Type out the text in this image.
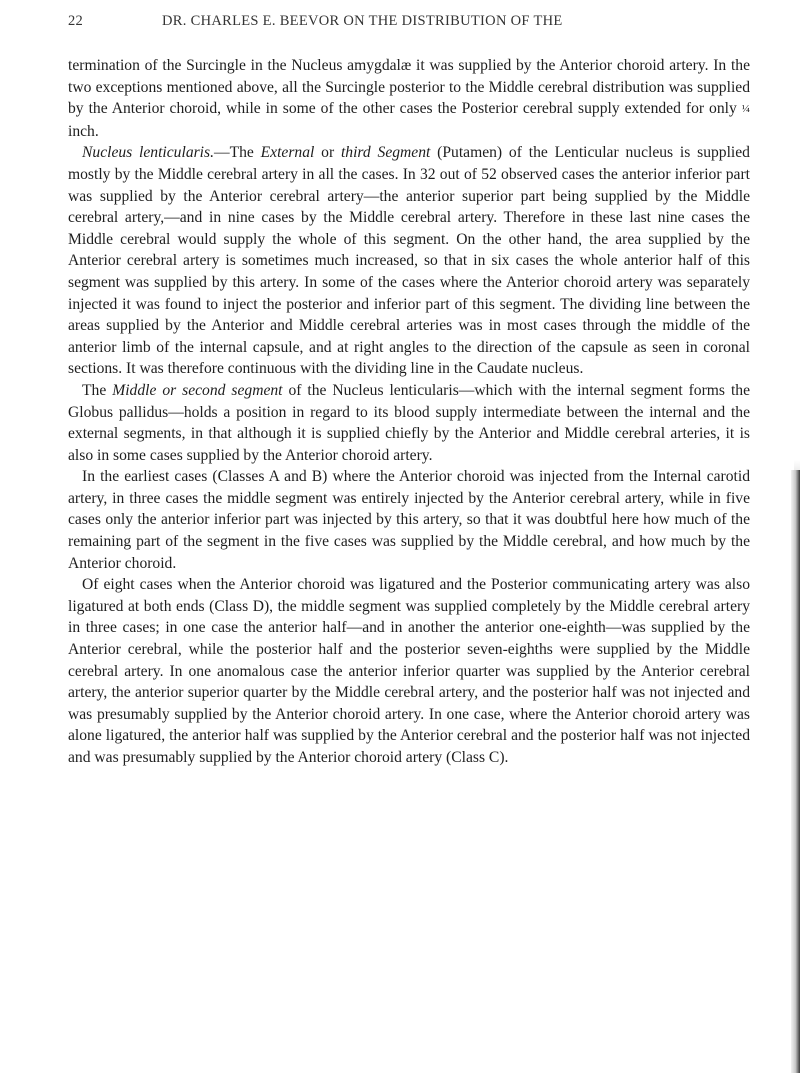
22	DR. CHARLES E. BEEVOR ON THE DISTRIBUTION OF THE

termination of the Surcingle in the Nucleus amygdalæ it was supplied by the Anterior choroid artery. In the two exceptions mentioned above, all the Surcingle posterior to the Middle cerebral distribution was supplied by the Anterior choroid, while in some of the other cases the Posterior cerebral supply extended for only ¼ inch.

Nucleus lenticularis.—The External or third Segment (Putamen) of the Lenticular nucleus is supplied mostly by the Middle cerebral artery in all the cases. In 32 out of 52 observed cases the anterior inferior part was supplied by the Anterior cerebral artery—the anterior superior part being supplied by the Middle cerebral artery,—and in nine cases by the Middle cerebral artery. Therefore in these last nine cases the Middle cerebral would supply the whole of this segment. On the other hand, the area supplied by the Anterior cerebral artery is sometimes much increased, so that in six cases the whole anterior half of this segment was supplied by this artery. In some of the cases where the Anterior choroid artery was separately injected it was found to inject the posterior and inferior part of this segment. The dividing line between the areas supplied by the Anterior and Middle cerebral arteries was in most cases through the middle of the anterior limb of the internal capsule, and at right angles to the direction of the capsule as seen in coronal sections. It was therefore continuous with the dividing line in the Caudate nucleus.

The Middle or second segment of the Nucleus lenticularis—which with the internal segment forms the Globus pallidus—holds a position in regard to its blood supply intermediate between the internal and the external segments, in that although it is supplied chiefly by the Anterior and Middle cerebral arteries, it is also in some cases supplied by the Anterior choroid artery.

In the earliest cases (Classes A and B) where the Anterior choroid was injected from the Internal carotid artery, in three cases the middle segment was entirely injected by the Anterior cerebral artery, while in five cases only the anterior inferior part was injected by this artery, so that it was doubtful here how much of the remaining part of the segment in the five cases was supplied by the Middle cerebral, and how much by the Anterior choroid.

Of eight cases when the Anterior choroid was ligatured and the Posterior communicating artery was also ligatured at both ends (Class D), the middle segment was supplied completely by the Middle cerebral artery in three cases; in one case the anterior half—and in another the anterior one-eighth—was supplied by the Anterior cerebral, while the posterior half and the posterior seven-eighths were supplied by the Middle cerebral artery. In one anomalous case the anterior inferior quarter was supplied by the Anterior cerebral artery, the anterior superior quarter by the Middle cerebral artery, and the posterior half was not injected and was presumably supplied by the Anterior choroid artery. In one case, where the Anterior choroid artery was alone ligatured, the anterior half was supplied by the Anterior cerebral and the posterior half was not injected and was presumably supplied by the Anterior choroid artery (Class C).
